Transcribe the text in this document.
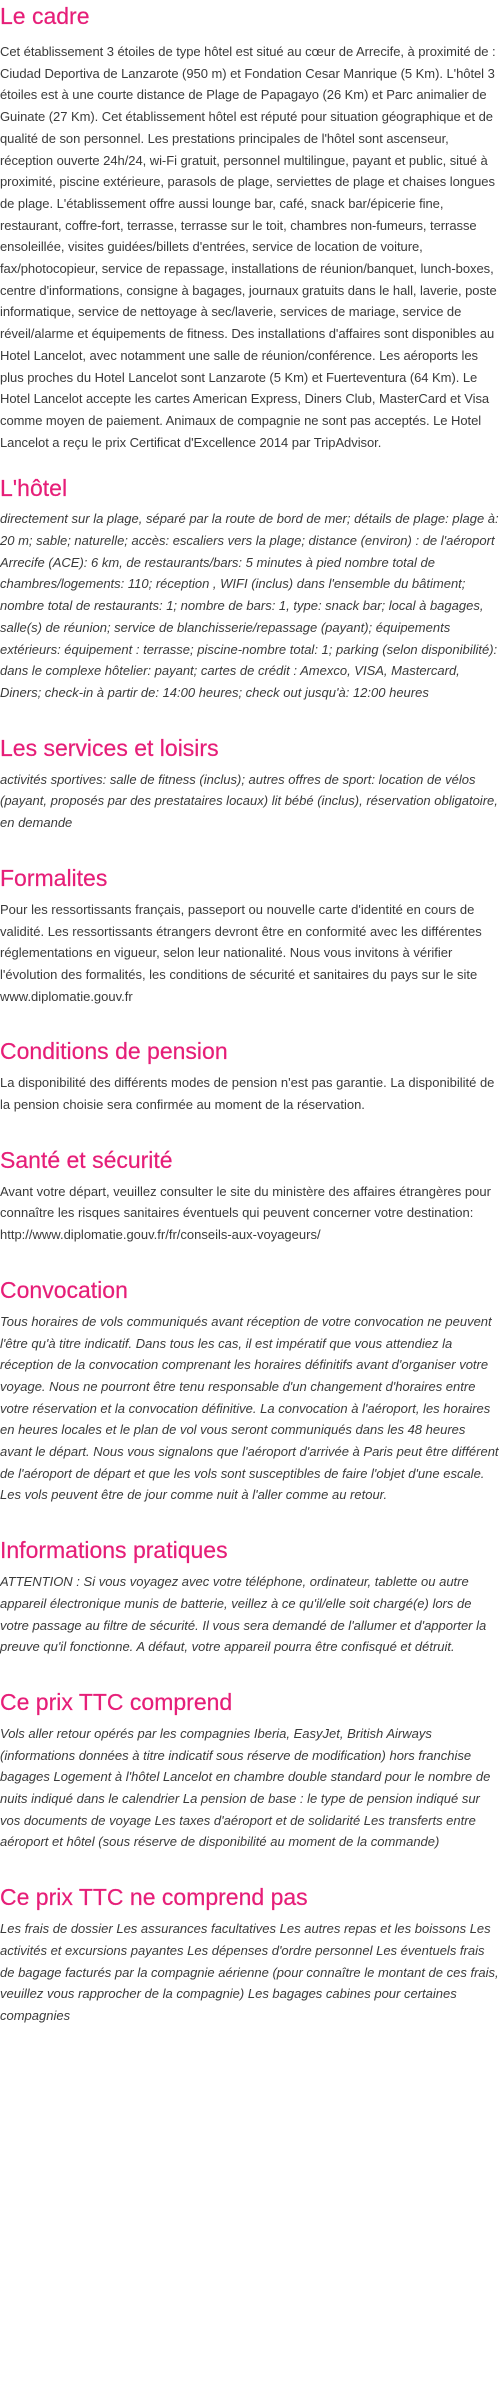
Le cadre

Cet établissement 3 étoiles de type hôtel est situé au cœur de Arrecife, à proximité de : Ciudad Deportiva de Lanzarote (950 m) et Fondation Cesar Manrique (5 Km). L'hôtel 3 étoiles est à une courte distance de Plage de Papagayo (26 Km) et Parc animalier de Guinate (27 Km). Cet établissement hôtel est réputé pour situation géographique et de qualité de son personnel. Les prestations principales de l'hôtel sont ascenseur, réception ouverte 24h/24, wi-Fi gratuit, personnel multilingue, payant et public, situé à proximité, piscine extérieure, parasols de plage, serviettes de plage et chaises longues de plage. L'établissement offre aussi lounge bar, café, snack bar/épicerie fine, restaurant, coffre-fort, terrasse, terrasse sur le toit, chambres non-fumeurs, terrasse ensoleillée, visites guidées/billets d'entrées, service de location de voiture, fax/photocopieur, service de repassage, installations de réunion/banquet, lunch-boxes, centre d'informations, consigne à bagages, journaux gratuits dans le hall, laverie, poste informatique, service de nettoyage à sec/laverie, services de mariage, service de réveil/alarme et équipements de fitness. Des installations d'affaires sont disponibles au Hotel Lancelot, avec notamment une salle de réunion/conférence. Les aéroports les plus proches du Hotel Lancelot sont Lanzarote (5 Km) et Fuerteventura (64 Km). Le Hotel Lancelot accepte les cartes American Express, Diners Club, MasterCard et Visa comme moyen de paiement. Animaux de compagnie ne sont pas acceptés. Le Hotel Lancelot a reçu le prix Certificat d'Excellence 2014 par TripAdvisor.

L'hôtel

directement sur la plage, séparé par la route de bord de mer; détails de plage: plage à: 20 m; sable; naturelle; accès: escaliers vers la plage; distance (environ) : de l'aéroport Arrecife (ACE): 6 km, de restaurants/bars: 5 minutes à pied nombre total de chambres/logements: 110; réception , WIFI (inclus) dans l'ensemble du bâtiment; nombre total de restaurants: 1; nombre de bars: 1, type: snack bar; local à bagages, salle(s) de réunion; service de blanchisserie/repassage (payant); équipements extérieurs: équipement : terrasse; piscine-nombre total: 1; parking (selon disponibilité): dans le complexe hôtelier: payant; cartes de crédit : Amexco, VISA, Mastercard, Diners; check-in à partir de: 14:00 heures; check out jusqu'à: 12:00 heures

Les services et loisirs

activités sportives: salle de fitness (inclus); autres offres de sport: location de vélos (payant, proposés par des prestataires locaux) lit bébé (inclus), réservation obligatoire, en demande

Formalites

Pour les ressortissants français, passeport ou nouvelle carte d'identité en cours de validité. Les ressortissants étrangers devront être en conformité avec les différentes réglementations en vigueur, selon leur nationalité. Nous vous invitons à vérifier l'évolution des formalités, les conditions de sécurité et sanitaires du pays sur le site www.diplomatie.gouv.fr

Conditions de pension

La disponibilité des différents modes de pension n'est pas garantie. La disponibilité de la pension choisie sera confirmée au moment de la réservation.

Santé et sécurité

Avant votre départ, veuillez consulter le site du ministère des affaires étrangères pour connaître les risques sanitaires éventuels qui peuvent concerner votre destination: http://www.diplomatie.gouv.fr/fr/conseils-aux-voyageurs/

Convocation

Tous horaires de vols communiqués avant réception de votre convocation ne peuvent l'être qu'à titre indicatif. Dans tous les cas, il est impératif que vous attendiez la réception de la convocation comprenant les horaires définitifs avant d'organiser votre voyage. Nous ne pourront être tenu responsable d'un changement d'horaires entre votre réservation et la convocation définitive. La convocation à l'aéroport, les horaires en heures locales et le plan de vol vous seront communiqués dans les 48 heures avant le départ. Nous vous signalons que l'aéroport d'arrivée à Paris peut être différent de l'aéroport de départ et que les vols sont susceptibles de faire l'objet d'une escale. Les vols peuvent être de jour comme nuit à l'aller comme au retour.

Informations pratiques

ATTENTION : Si vous voyagez avec votre téléphone, ordinateur, tablette ou autre appareil électronique munis de batterie, veillez à ce qu'il/elle soit chargé(e) lors de votre passage au filtre de sécurité. Il vous sera demandé de l'allumer et d'apporter la preuve qu'il fonctionne. A défaut, votre appareil pourra être confisqué et détruit.

Ce prix TTC comprend

Vols aller retour opérés par les compagnies Iberia, EasyJet, British Airways (informations données à titre indicatif sous réserve de modification) hors franchise bagages Logement à l'hôtel Lancelot en chambre double standard pour le nombre de nuits indiqué dans le calendrier La pension de base : le type de pension indiqué sur vos documents de voyage Les taxes d'aéroport et de solidarité Les transferts entre aéroport et hôtel (sous réserve de disponibilité au moment de la commande)

Ce prix TTC ne comprend pas

Les frais de dossier Les assurances facultatives Les autres repas et les boissons Les activités et excursions payantes Les dépenses d'ordre personnel Les éventuels frais de bagage facturés par la compagnie aérienne (pour connaître le montant de ces frais, veuillez vous rapprocher de la compagnie) Les bagages cabines pour certaines compagnies
